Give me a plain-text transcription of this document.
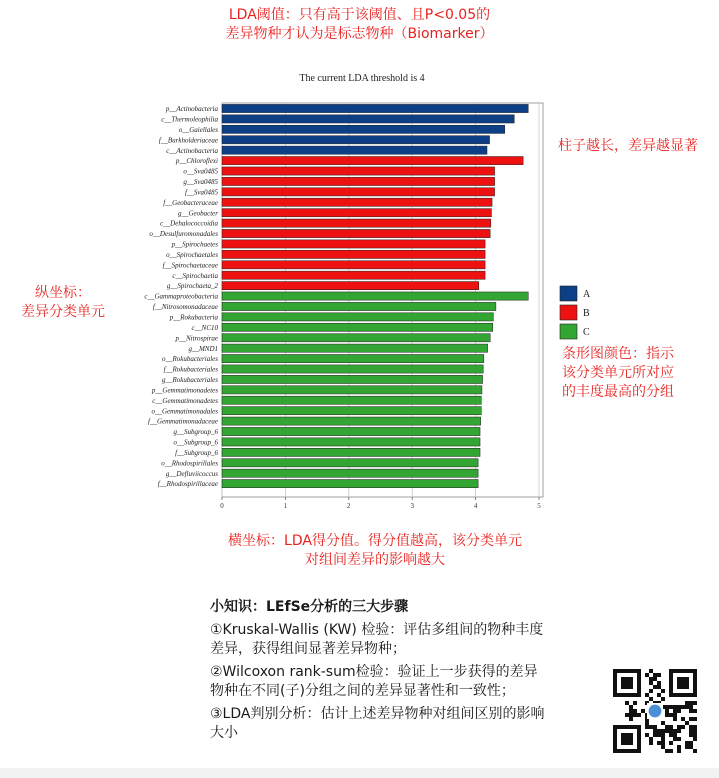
LDA阈值：只有高于该阈值、且P<0.05的
差异物种才认为是标志物种（Biomarker）
柱子越长，差异越显著
纵坐标：
差异分类单元
条形图颜色：指示
该分类单元所对应
的丰度最高的分组
横坐标：LDA得分值。得分值越高，该分类单元
对组间差异的影响越大
The current LDA threshold is 4
p__Actinobacteria
c__Thermoleophilia
o__Gaiellales
f__Burkholderiaceae
c__Actinobacteria
p__Chloroflexi
o__Sva0485
g__Sva0485
f__Sva0485
f__Geobacteraceae
g__Geobacter
c__Dehalococcoidia
o__Desulfuromonadales
p__Spirochaetes
o__Spirochaetales
f__Spirochaetaceae
c__Spirochaetia
g__Spirochaeta_2
c__Gammaproteobacteria
f__Nitrosomonadaceae
p__Rokubacteria
c__NC10
p__Nitrospirae
g__MND1
o__Rokubacteriales
f__Rokubacteriales
g__Rokubacteriales
p__Gemmatimonadetes
c__Gemmatimonadetes
o__Gemmatimonadales
f__Gemmatimonadaceae
g__Subgroup_6
o__Subgroup_6
f__Subgroup_6
o__Rhodospirillales
g__Defluviicoccus
f__Rhodospirillaceae
0	1	2	3	4	5
A
B
C
小知识：LEfSe分析的三大步骤
①Kruskal-Wallis (KW) 检验：评估多组间的物种丰度差异，获得组间显著差异物种；
②Wilcoxon rank-sum检验：验证上一步获得的差异物种在不同(子)分组之间的差异显著性和一致性；
③LDA判别分析：估计上述差异物种对组间区别的影响大小
